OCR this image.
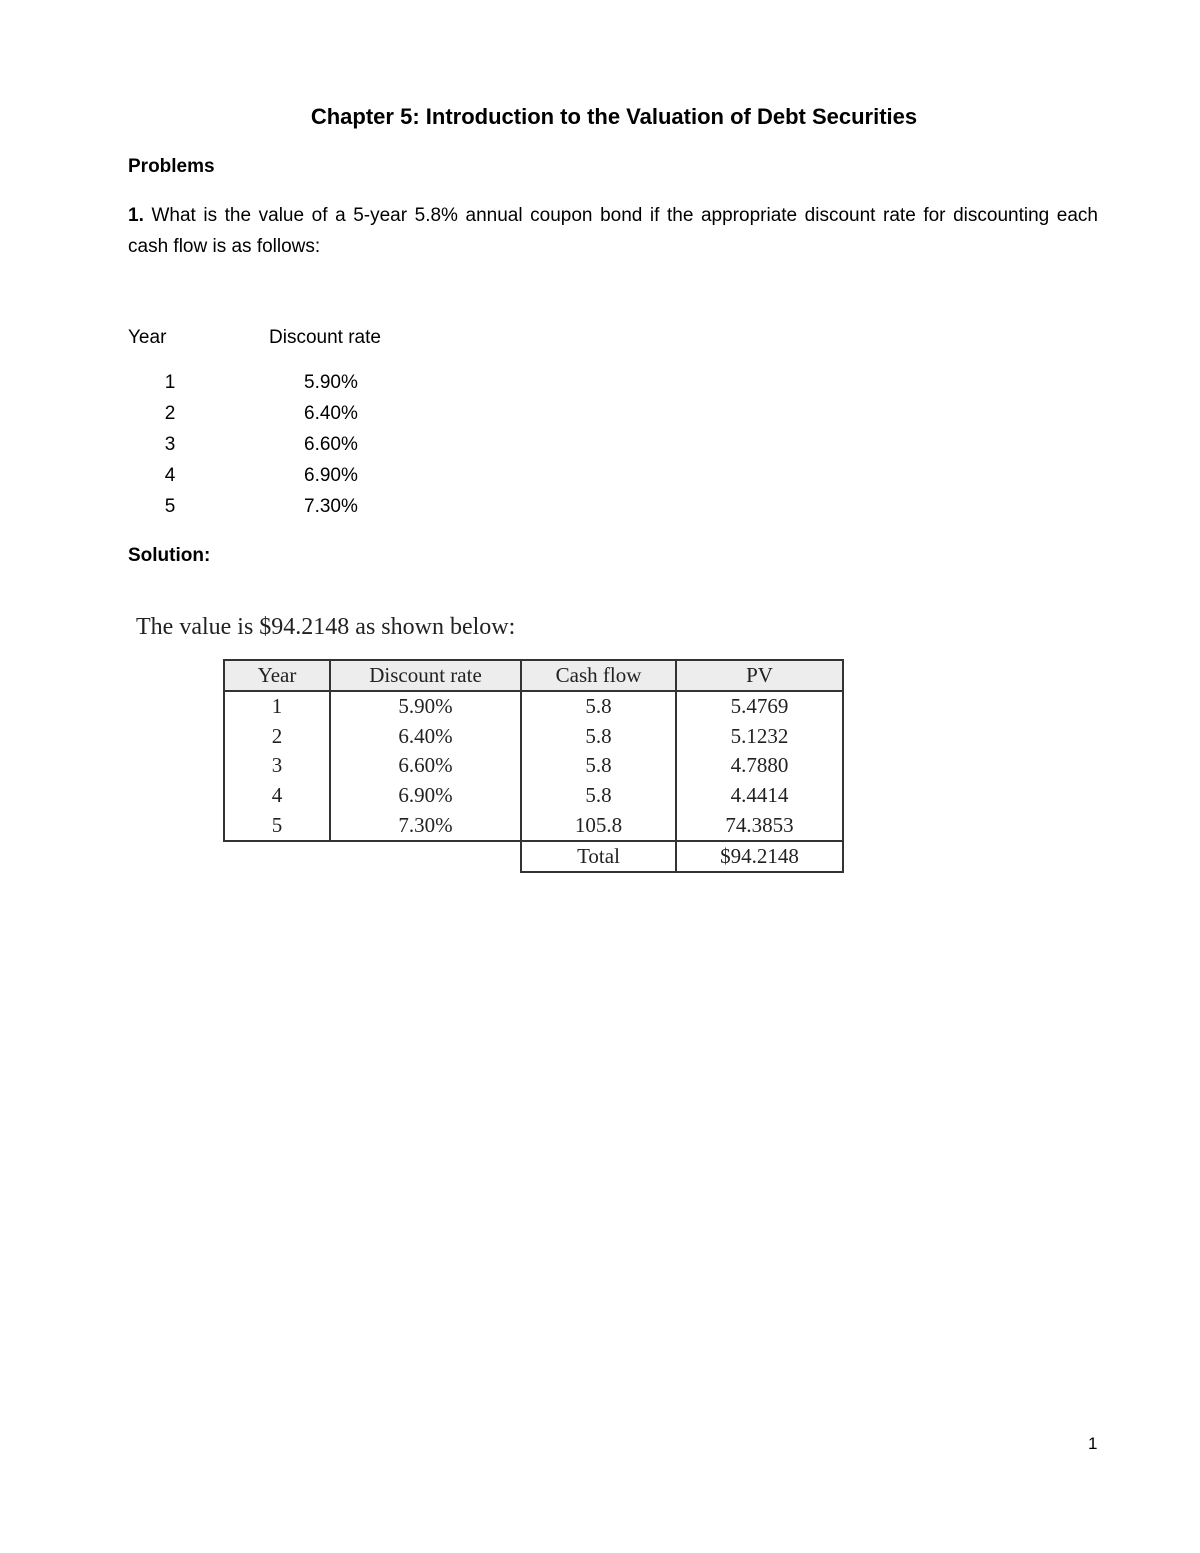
Chapter 5: Introduction to the Valuation of Debt Securities
Problems
1. What is the value of a 5-year 5.8% annual coupon bond if the appropriate discount rate for discounting each cash flow is as follows:
Year	Discount rate
1	5.90%
2	6.40%
3	6.60%
4	6.90%
5	7.30%
Solution:
The value is $94.2148 as shown below:
Year	Discount rate	Cash flow	PV
1	5.90%	5.8	5.4769
2	6.40%	5.8	5.1232
3	6.60%	5.8	4.7880
4	6.90%	5.8	4.4414
5	7.30%	105.8	74.3853
		Total	$94.2148
1
